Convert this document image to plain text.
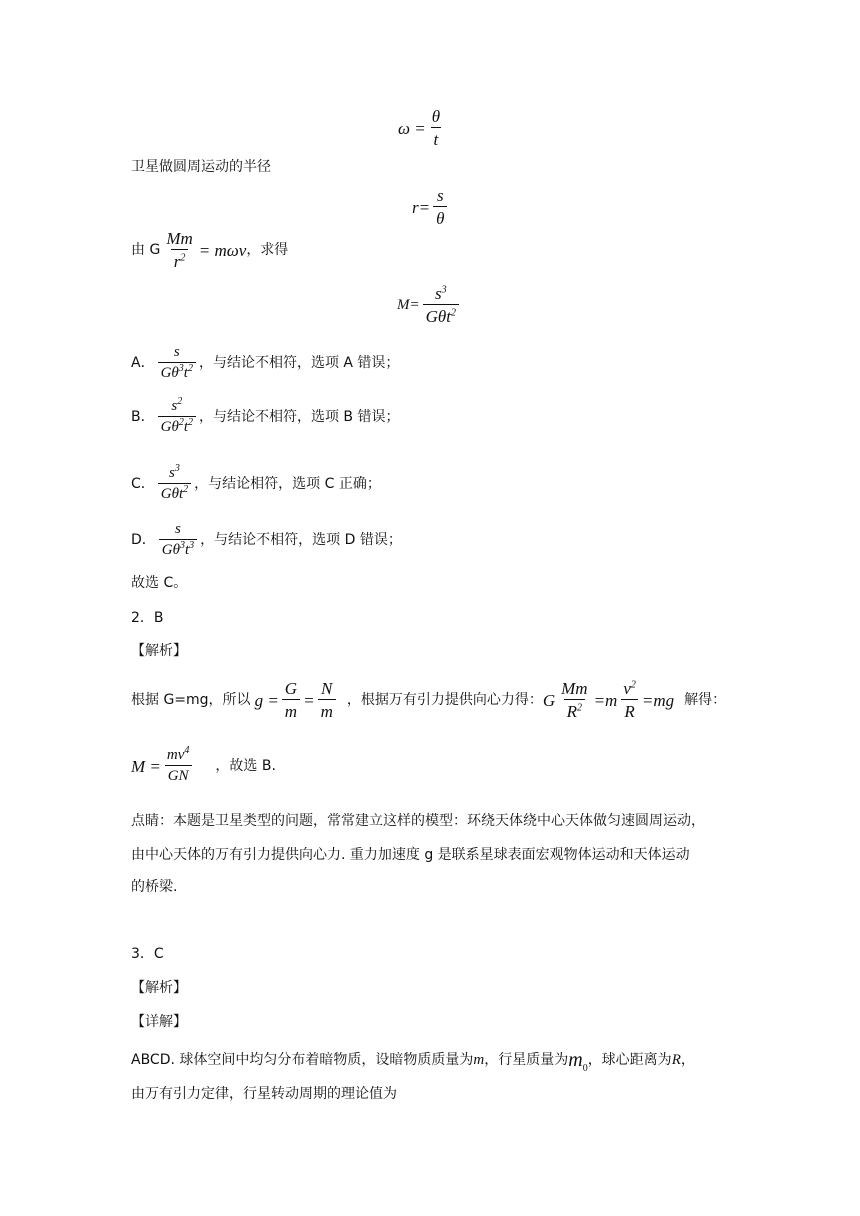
$\omega = \frac{\theta}{t}$
卫星做圆周运动的半径
$r= \frac{s}{\theta}$
由 G $\frac{Mm}{r^2} = m\omega v$ ，求得
$M= \frac{s^3}{G\theta t^2}$
A． $\frac{s}{G\theta^3t^2}$ ，与结论不相符，选项 A 错误；
B． $\frac{s^2}{G\theta^2t^2}$ ，与结论不相符，选项 B 错误；
C． $\frac{s^3}{G\theta t^2}$ ，与结论相符，选项 C 正确；
D． $\frac{s}{G\theta^3t^3}$ ，与结论不相符，选项 D 错误；
故选 C。
2．B
【解析】
根据 G=mg，所以 $g = \frac{G}{m} = \frac{N}{m}$ ，根据万有引力提供向心力得： G $\frac{Mm}{R^2} =m \frac{v^2}{R} =mg$ 解得：
$M = \frac{mv^4}{GN}$ ，故选 B.
点睛：本题是卫星类型的问题，常常建立这样的模型：环绕天体绕中心天体做匀速圆周运动，
由中心天体的万有引力提供向心力. 重力加速度 g 是联系星球表面宏观物体运动和天体运动
的桥梁.
3．C
【解析】
【详解】
ABCD. 球体空间中均匀分布着暗物质，设暗物质质量为 m ，行星质量为 $m_0$
，球心距离为 R ，
由万有引力定律，行星转动周期的理论值为
